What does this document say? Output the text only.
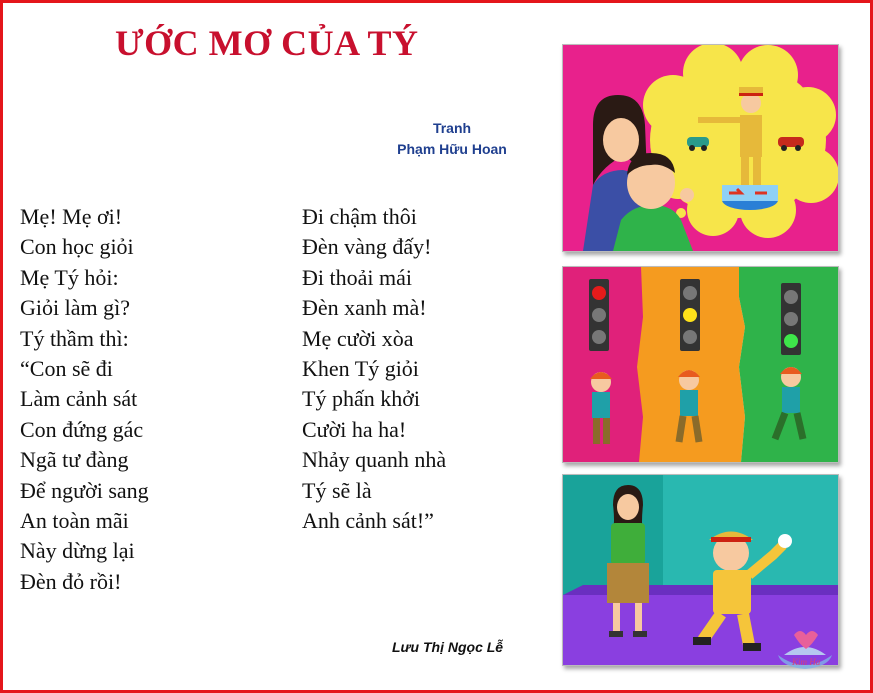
ƯỚC MƠ CỦA TÝ
Tranh
Phạm Hữu Hoan
Mẹ! Mẹ ơi!
Con học giỏi
Mẹ Tý hỏi:
Giỏi làm gì?
Tý thầm thì:
“Con sẽ đi
Làm cảnh sát
Con đứng gác
Ngã tư đàng
Để người sang
An toàn mãi
Này dừng lại
Đèn đỏ rồi!
Đi chậm thôi
Đèn vàng đấy!
Đi thoải mái
Đèn xanh mà!
Mẹ cười xòa
Khen Tý giỏi
Tý phấn khởi
Cười ha ha!
Nhảy quanh nhà
Tý sẽ là
Anh cảnh sát!”
Lưu Thị Ngọc Lễ
Kim Ha
